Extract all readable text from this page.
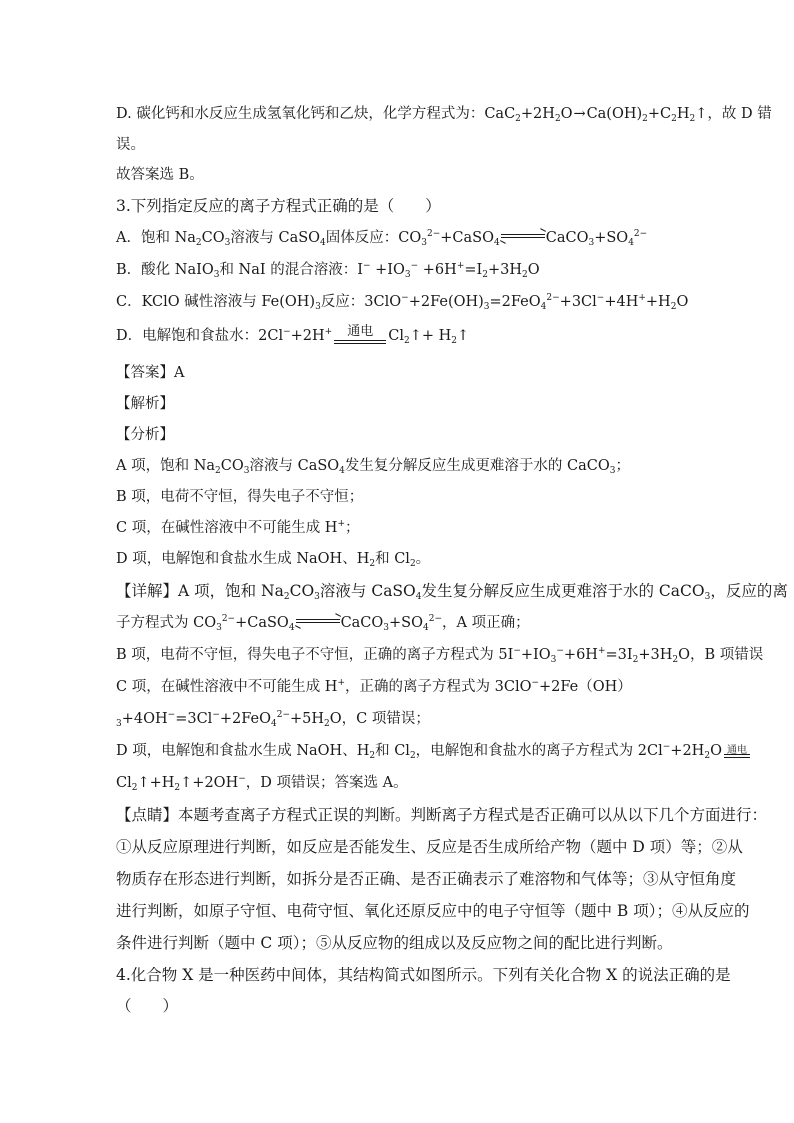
D. 碳化钙和水反应生成氢氧化钙和乙炔，化学方程式为：$CaC_2+2H_2O\to Ca(OH)_2+C_2H_2↑$，故 D 错
误。
故答案选 B。
3.下列指定反应的离子方程式正确的是（　　）
A．饱和 $Na_2CO_3$溶液与 CaSO$_4$固体反应：$CO_3^{2-}+CaSO_4\to CaCO_3+SO_4^{2-}$
B．酸化 NaIO$_3$和 NaI 的混合溶液：$I^- +IO_3^- +6H^+=I_2+3H_2O$
C．KClO 碱性溶液与 $Fe(OH)_3$反应：$3ClO^-+2Fe(OH)_3=2FeO_4^{2-}+3Cl^-+4H^++H_2O$
D．电解饱和食盐水：2Cl−+2H+	通电	$Cl_2↑+$ $H_2↑$
【答案】A
【解析】
【分析】
A 项，饱和 $Na_2CO_3$溶液与 CaSO$_4$发生复分解反应生成更难溶于水的 CaCO$_3$；
B 项，电荷不守恒，得失电子不守恒；
C 项，在碱性溶液中不可能生成 H+；
D 项，电解饱和食盐水生成 NaOH、$H_2$和 $Cl_2$。
【详解】A 项，饱和 $Na_2CO_3$溶液与 CaSO$_4$发生复分解反应生成更难溶于水的 CaCO$_3$，反应的离
子方程式为 $CO_3^{2-}+CaSO_4\to CaCO_3+SO_4^{2-}$，A 项正确；
B 项，电荷不守恒，得失电子不守恒，正确的离子方程式为 $5I^-+IO_3^-+6H^+=3I_2+3H_2O$，B 项错误
C 项，在碱性溶液中不可能生成 H+，正确的离子方程式为 3ClO−+2Fe（OH）
$_3+4OH^-=3Cl^-+2FeO_4^{2-}+5H_2O$，C 项错误；
D 项，电解饱和食盐水生成 NaOH、$H_2$和 $Cl_2$，电解饱和食盐水的离子方程式为 $2Cl^-+2H_2O$ 通电
$Cl_2↑+H_2↑+2OH^-$，D 项错误；答案选 A。
【点睛】本题考查离子方程式正误的判断。判断离子方程式是否正确可以从以下几个方面进行：
①从反应原理进行判断，如反应是否能发生、反应是否生成所给产物（题中 D 项）等；②从
物质存在形态进行判断，如拆分是否正确、是否正确表示了难溶物和气体等；③从守恒角度
进行判断，如原子守恒、电荷守恒、氧化还原反应中的电子守恒等（题中 B 项）；④从反应的
条件进行判断（题中 C 项）；⑤从反应物的组成以及反应物之间的配比进行判断。
4.化合物 X 是一种医药中间体，其结构简式如图所示。下列有关化合物 X 的说法正确的是
（　　）
